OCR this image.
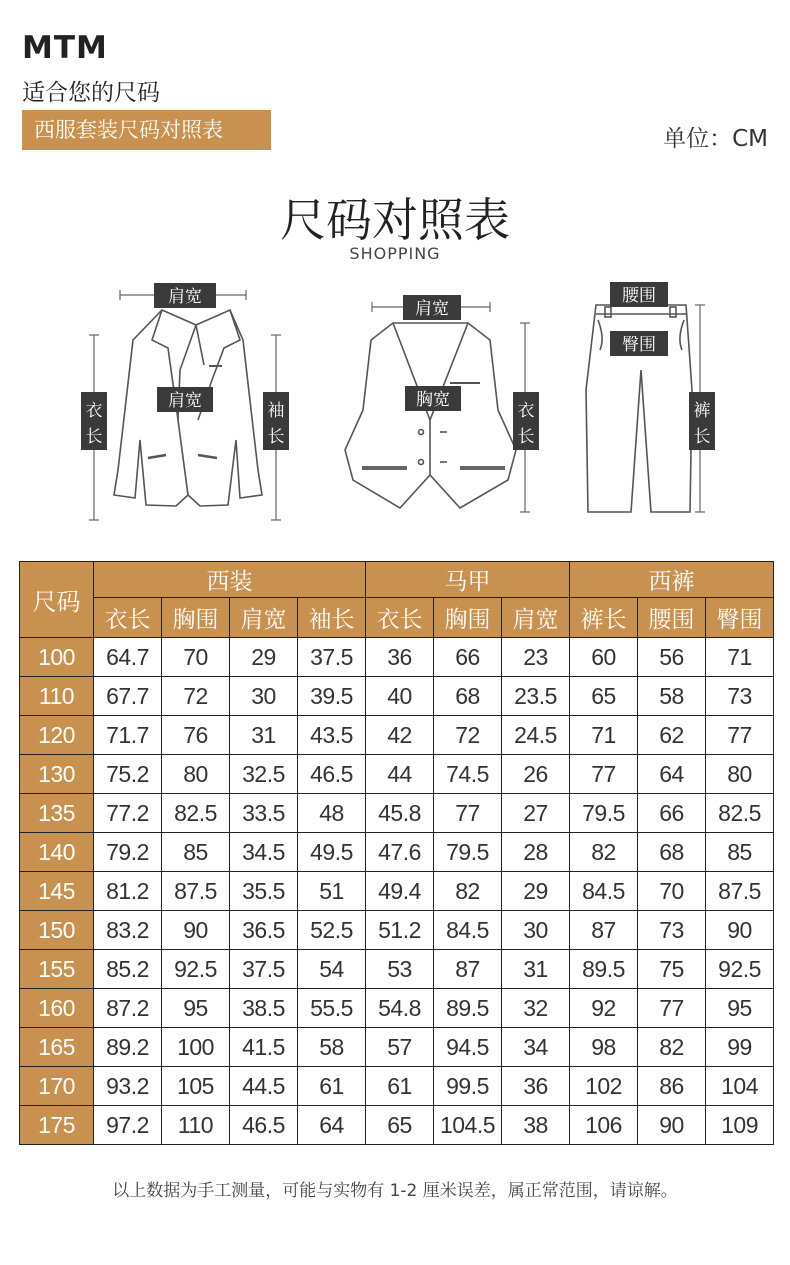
MTM
适合您的尺码
西服套装尺码对照表	单位：CM
尺码对照表
SHOPPING
肩宽
肩宽
衣
长
袖
长
肩宽
胸宽
衣
长
腰围
臀围
裤
长
尺码	西装				马甲			西裤		
	衣长	胸围	肩宽	袖长	衣长	胸围	肩宽	裤长	腰围	臀围
100	64.7	70	29	37.5	36	66	23	60	56	71
110	67.7	72	30	39.5	40	68	23.5	65	58	73
120	71.7	76	31	43.5	42	72	24.5	71	62	77
130	75.2	80	32.5	46.5	44	74.5	26	77	64	80
135	77.2	82.5	33.5	48	45.8	77	27	79.5	66	82.5
140	79.2	85	34.5	49.5	47.6	79.5	28	82	68	85
145	81.2	87.5	35.5	51	49.4	82	29	84.5	70	87.5
150	83.2	90	36.5	52.5	51.2	84.5	30	87	73	90
155	85.2	92.5	37.5	54	53	87	31	89.5	75	92.5
160	87.2	95	38.5	55.5	54.8	89.5	32	92	77	95
165	89.2	100	41.5	58	57	94.5	34	98	82	99
170	93.2	105	44.5	61	61	99.5	36	102	86	104
175	97.2	110	46.5	64	65	104.5	38	106	90	109
以上数据为手工测量，可能与实物有 1-2 厘米误差，属正常范围，请谅解。
